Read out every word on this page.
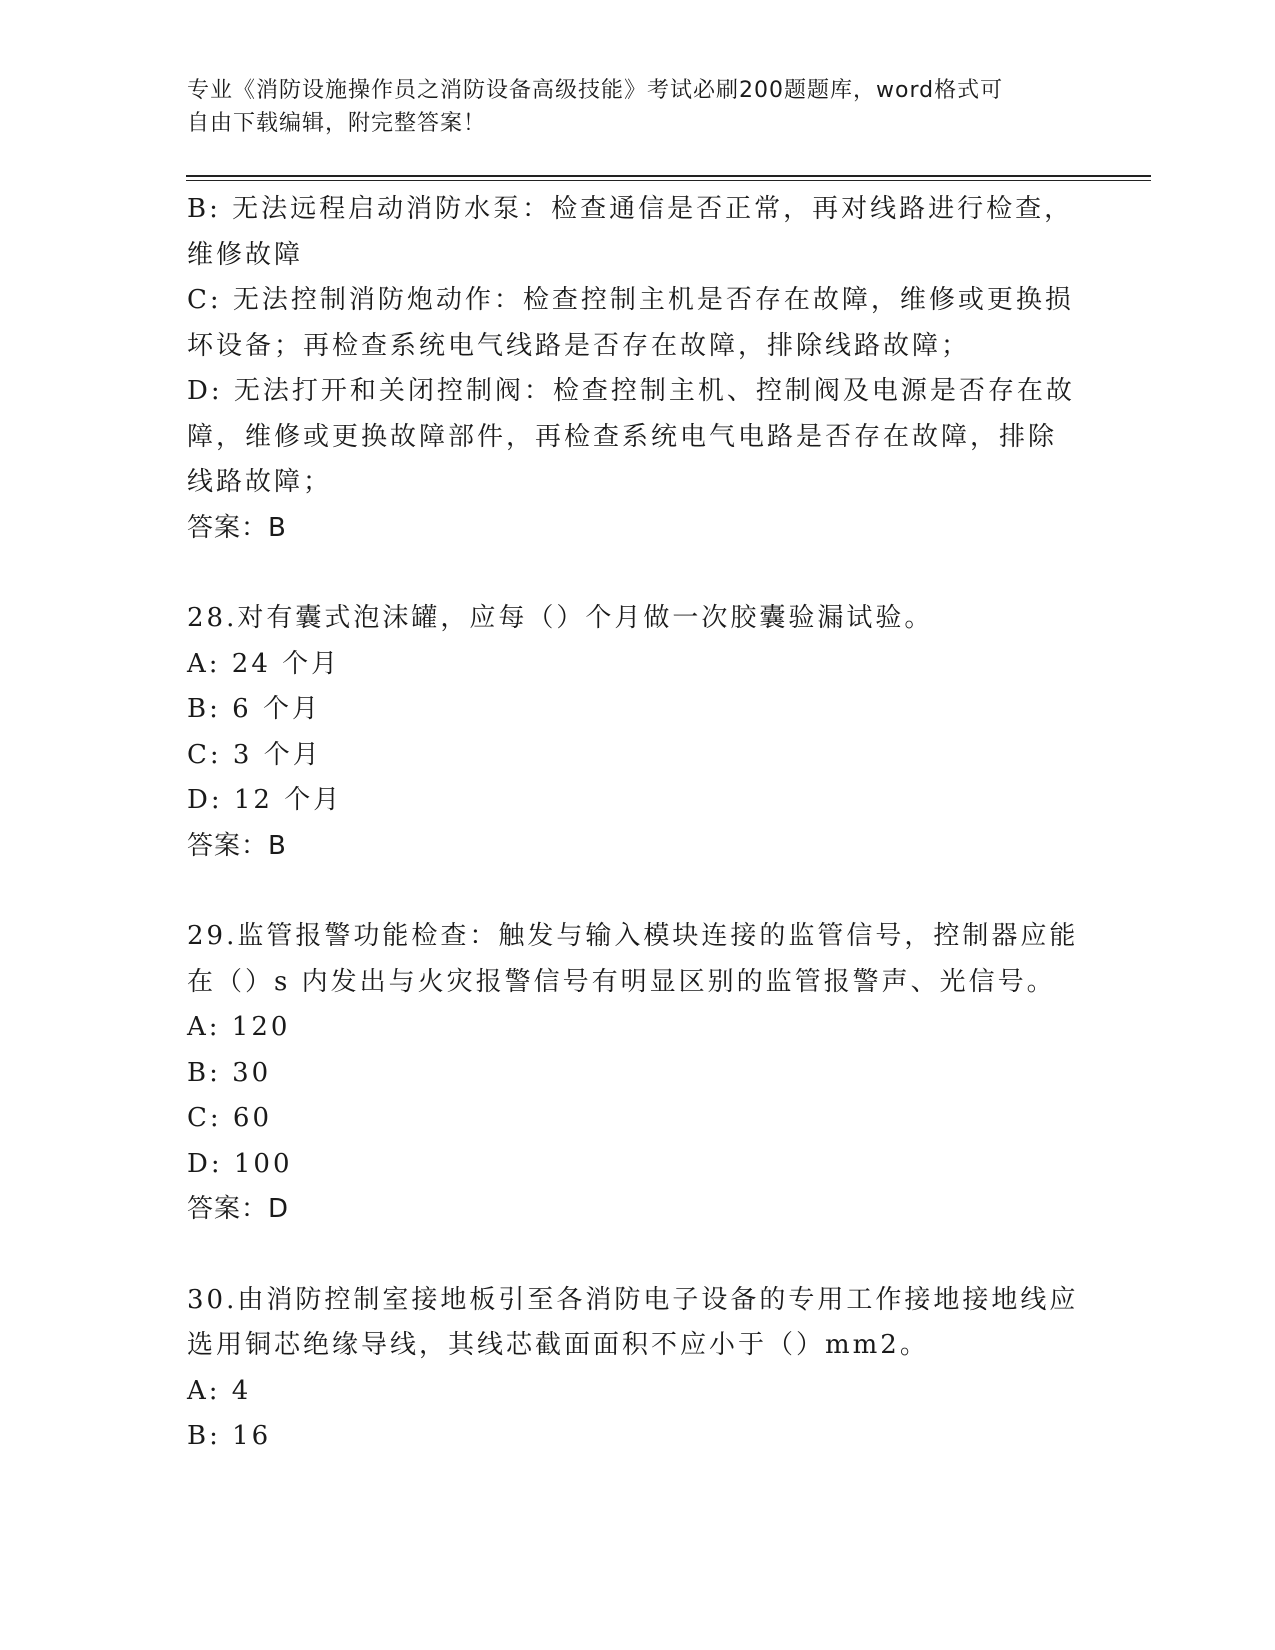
专业《消防设施操作员之消防设备高级技能》考试必刷200题题库，word格式可
自由下载编辑，附完整答案！
B: 无法远程启动消防水泵：检查通信是否正常，再对线路进行检查，
维修故障
C: 无法控制消防炮动作：检查控制主机是否存在故障，维修或更换损
坏设备；再检查系统电气线路是否存在故障，排除线路故障；
D: 无法打开和关闭控制阀：检查控制主机、控制阀及电源是否存在故
障，维修或更换故障部件，再检查系统电气电路是否存在故障，排除
线路故障；
答案：B
28.对有囊式泡沫罐，应每（）个月做一次胶囊验漏试验。
A: 24 个月
B: 6 个月
C: 3 个月
D: 12 个月
答案：B
29.监管报警功能检查：触发与输入模块连接的监管信号，控制器应能
在（）s 内发出与火灾报警信号有明显区别的监管报警声、光信号。
A: 120
B: 30
C: 60
D: 100
答案：D
30.由消防控制室接地板引至各消防电子设备的专用工作接地接地线应
选用铜芯绝缘导线，其线芯截面面积不应小于（）mm2。
A: 4
B: 16
